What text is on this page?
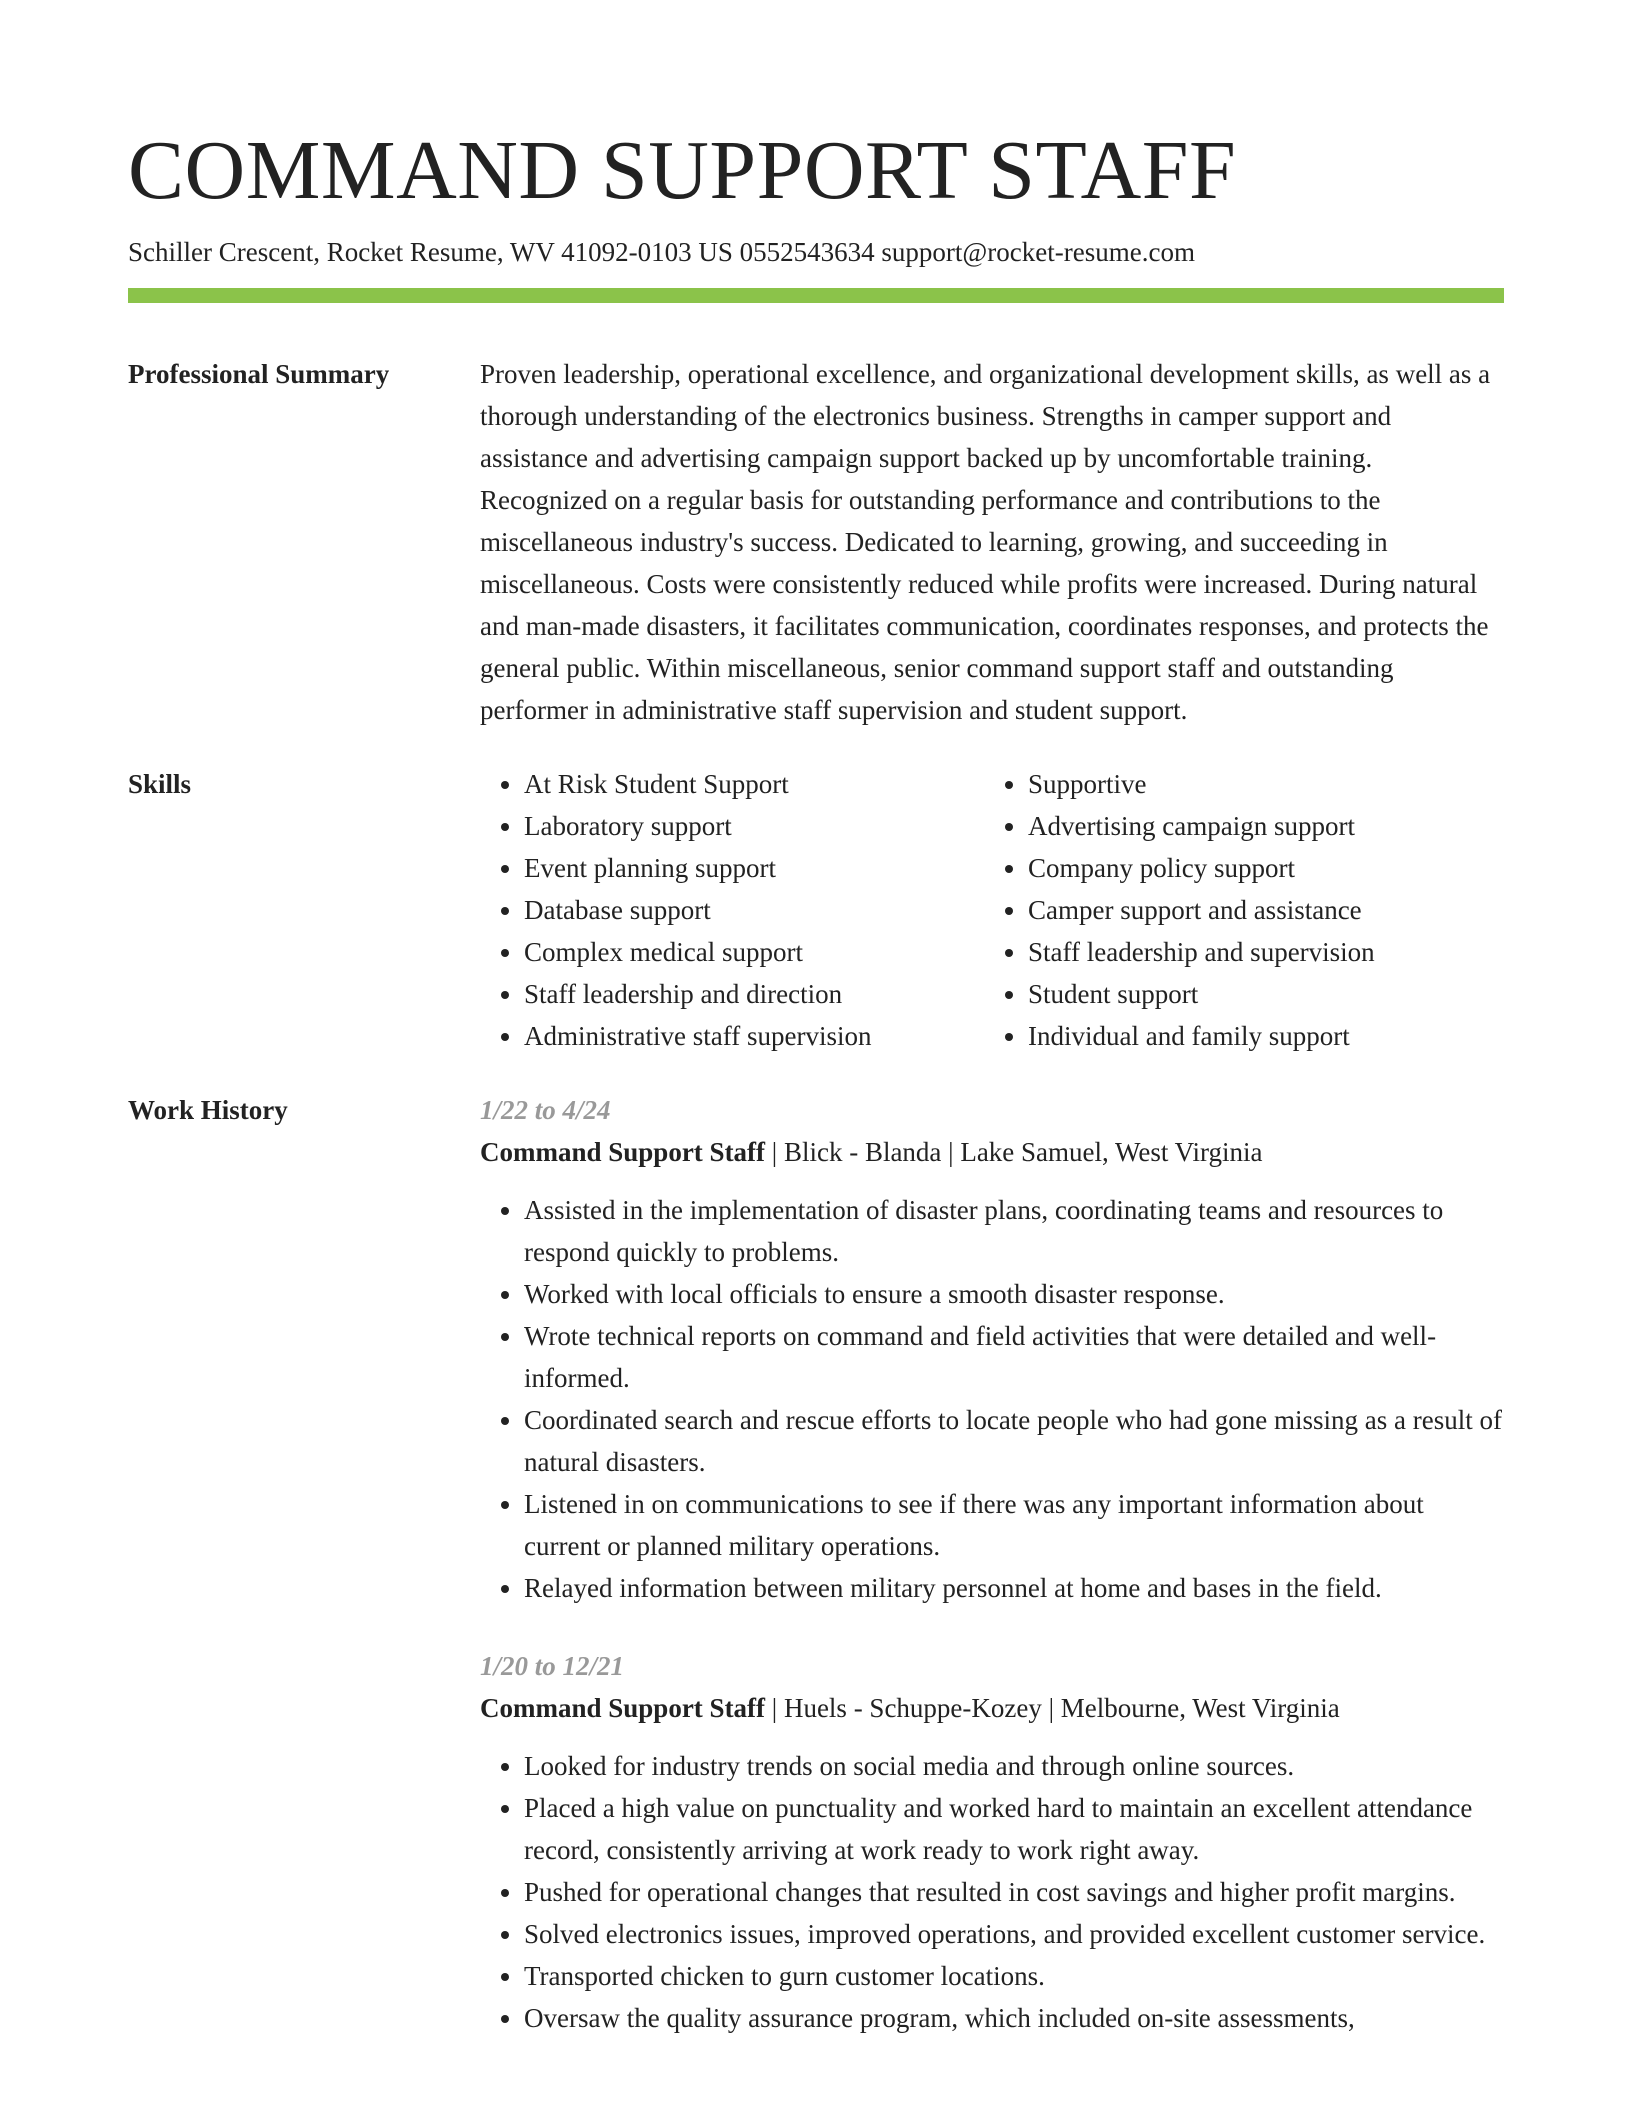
COMMAND SUPPORT STAFF
Schiller Crescent, Rocket Resume, WV 41092-0103 US 0552543634 support@rocket-resume.com
Professional Summary	Proven leadership, operational excellence, and organizational development skills, as well as a thorough understanding of the electronics business. Strengths in camper support and assistance and advertising campaign support backed up by uncomfortable training. Recognized on a regular basis for outstanding performance and contributions to the miscellaneous industry's success. Dedicated to learning, growing, and succeeding in miscellaneous. Costs were consistently reduced while profits were increased. During natural and man-made disasters, it facilitates communication, coordinates responses, and protects the general public. Within miscellaneous, senior command support staff and outstanding performer in administrative staff supervision and student support.

Skills
•	At Risk Student Support
• Laboratory support
• Event planning support
• Database support
• Complex medical support
• Staff leadership and direction
• Administrative staff supervision
• Supportive
• Advertising campaign support
• Company policy support
• Camper support and assistance
• Staff leadership and supervision
• Student support
• Individual and family support
Work History	1/22 to 4/24
Command Support Staff | Blick - Blanda | Lake Samuel, West Virginia
• Assisted in the implementation of disaster plans, coordinating teams and resources to respond quickly to problems.
• Worked with local officials to ensure a smooth disaster response.
• Wrote technical reports on command and field activities that were detailed and well-informed.
• Coordinated search and rescue efforts to locate people who had gone missing as a result of natural disasters.
• Listened in on communications to see if there was any important information about current or planned military operations.
• Relayed information between military personnel at home and bases in the field.
1/20 to 12/21
Command Support Staff | Huels - Schuppe-Kozey | Melbourne, West Virginia
• Looked for industry trends on social media and through online sources.
• Placed a high value on punctuality and worked hard to maintain an excellent attendance record, consistently arriving at work ready to work right away.
• Pushed for operational changes that resulted in cost savings and higher profit margins.
• Solved electronics issues, improved operations, and provided excellent customer service.
• Transported chicken to gurn customer locations.
• Oversaw the quality assurance program, which included on-site assessments,
